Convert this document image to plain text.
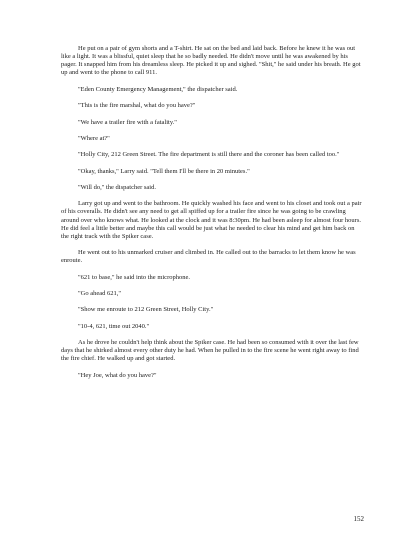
He put on a pair of gym shorts and a T-shirt. He sat on the bed and laid back. Before he knew it he was out like a light. It was a blissful, quiet sleep that he so badly needed. He didn't move until he was awakened by his pager. It snapped him from his dreamless sleep. He picked it up and sighed. "Shit," he said under his breath. He got up and went to the phone to call 911.

"Eden County Emergency Management," the dispatcher said.

"This is the fire marshal, what do you have?"

"We have a trailer fire with a fatality."

"Where at?"

"Holly City, 212 Green Street. The fire department is still there and the coroner has been called too."

"Okay, thanks," Larry said. "Tell them I'll be there in 20 minutes."

"Will do," the dispatcher said.

Larry got up and went to the bathroom. He quickly washed his face and went to his closet and took out a pair of his coveralls. He didn't see any need to get all spiffed up for a trailer fire since he was going to be crawling around over who knows what. He looked at the clock and it was 8:30pm. He had been asleep for almost four hours. He did feel a little better and maybe this call would be just what he needed to clear his mind and get him back on the right track with the Spiker case.

He went out to his unmarked cruiser and climbed in. He called out to the barracks to let them know he was enroute.

"621 to base," he said into the microphone.

"Go ahead 621,"

"Show me enroute to 212 Green Street, Holly City."

"10-4, 621, time out 2040."

As he drove he couldn't help think about the Spiker case. He had been so consumed with it over the last few days that he shirked almost every other duty he had. When he pulled in to the fire scene he went right away to find the fire chief. He walked up and got started.

"Hey Joe, what do you have?"

152
